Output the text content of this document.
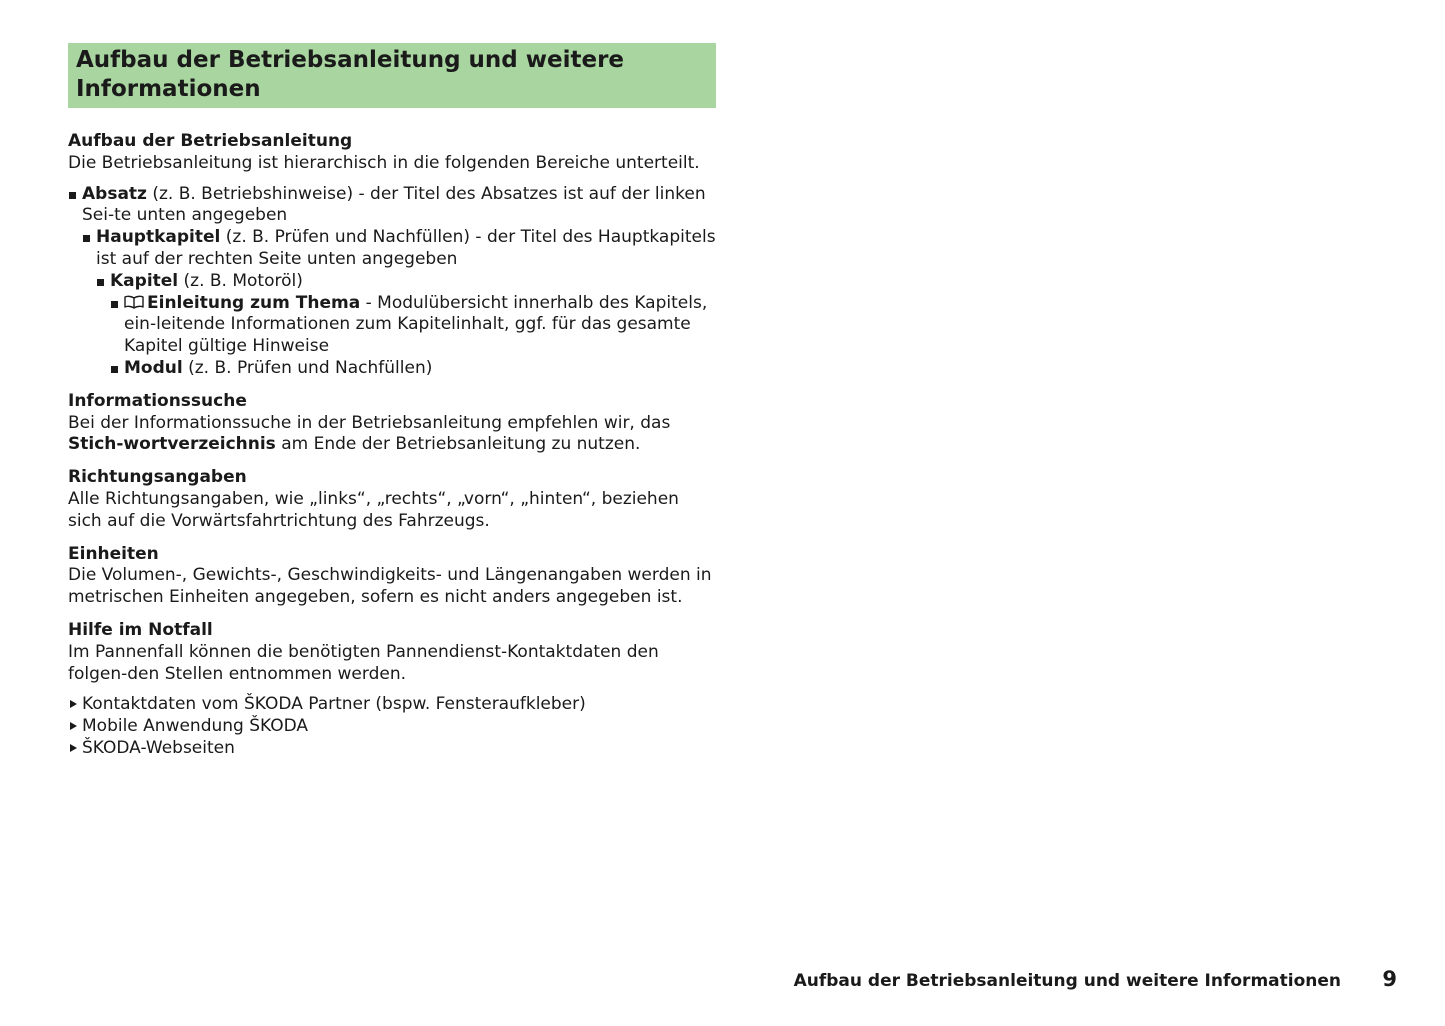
Aufbau der Betriebsanleitung und weitere Informationen

Aufbau der Betriebsanleitung

Die Betriebsanleitung ist hierarchisch in die folgenden Bereiche unterteilt.

Absatz (z. B. Betriebshinweise) - der Titel des Absatzes ist auf der linken Sei-te unten angegeben
Hauptkapitel (z. B. Prüfen und Nachfüllen) - der Titel des Hauptkapitels ist auf der rechten Seite unten angegeben
Kapitel (z. B. Motoröl)
Einleitung zum Thema - Modulübersicht innerhalb des Kapitels, ein-leitende Informationen zum Kapitelinhalt, ggf. für das gesamte Kapitel gültige Hinweise
Modul (z. B. Prüfen und Nachfüllen)

Informationssuche

Bei der Informationssuche in der Betriebsanleitung empfehlen wir, das Stich-wortverzeichnis am Ende der Betriebsanleitung zu nutzen.

Richtungsangaben

Alle Richtungsangaben, wie „links“, „rechts“, „vorn“, „hinten“, beziehen sich auf die Vorwärtsfahrtrichtung des Fahrzeugs.

Einheiten

Die Volumen-, Gewichts-, Geschwindigkeits- und Längenangaben werden in metrischen Einheiten angegeben, sofern es nicht anders angegeben ist.

Hilfe im Notfall

Im Pannenfall können die benötigten Pannendienst-Kontaktdaten den folgen-den Stellen entnommen werden.

Kontaktdaten vom ŠKODA Partner (bspw. Fensteraufkleber)
Mobile Anwendung ŠKODA
ŠKODA-Webseiten
Aufbau der Betriebsanleitung und weitere Informationen 9
